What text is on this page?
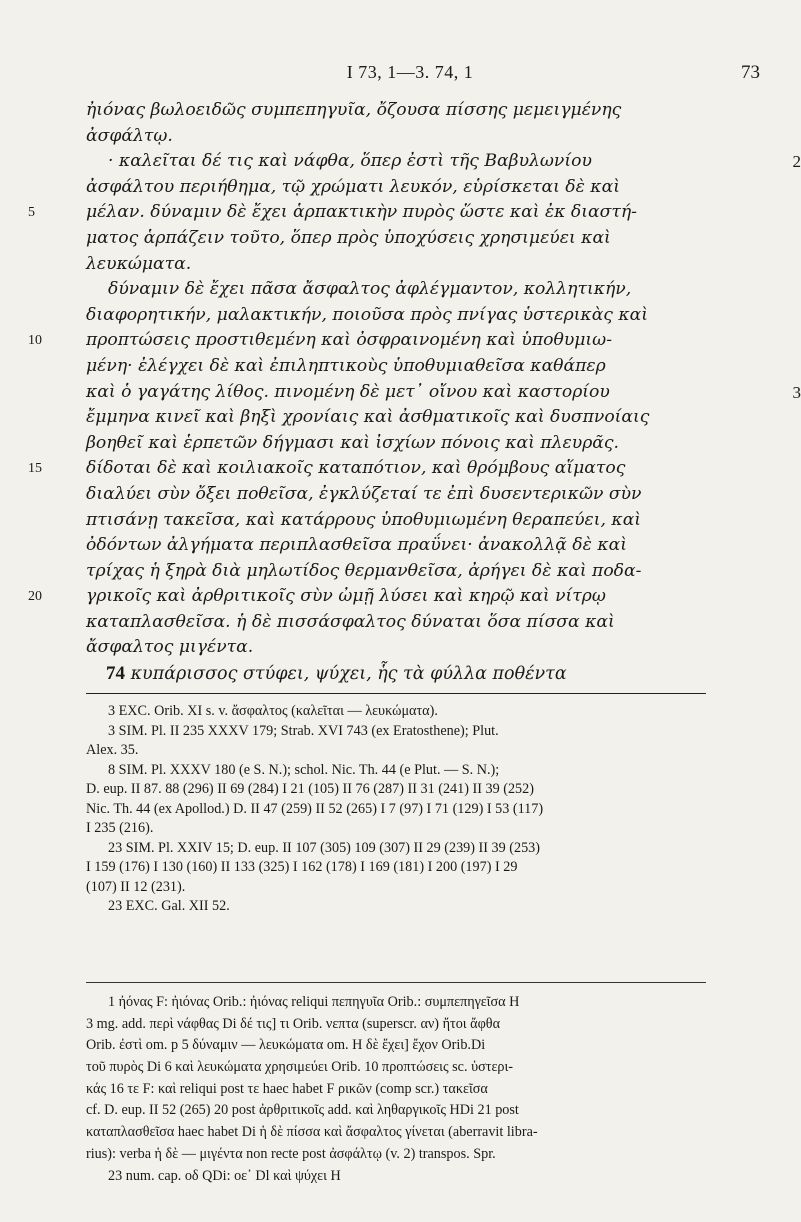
I 73, 1—3. 74, 1	73
ἠιόνας βωλοειδῶς συμπεπηγυῖα, ὄζουσα πίσσης μεμειγμένης
ἀσφάλτῳ.
2
· καλεῖται δέ τις καὶ νάφθα, ὅπερ ἐστὶ τῆς Βαβυλωνίου
ἀσφάλτου περιήθημα, τῷ χρώματι λευκόν, εὑρίσκεται δὲ καὶ
5	μέλαν. δύναμιν δὲ ἔχει ἁρπακτικὴν πυρὸς ὥστε καὶ ἐκ διαστή-
ματος ἁρπάζειν τοῦτο, ὅπερ πρὸς ὑποχύσεις χρησιμεύει καὶ
λευκώματα.
δύναμιν δὲ ἔχει πᾶσα ἄσφαλτος ἀφλέγμαντον, κολλητικήν,
διαφορητικήν, μαλακτικήν, ποιοῦσα πρὸς πνίγας ὑστερικὰς καὶ
10	προπτώσεις προστιθεμένη καὶ ὀσφραινομένη καὶ ὑποθυμιω-
μένη· ἐλέγχει δὲ καὶ ἐπιληπτικοὺς ὑποθυμιαθεῖσα καθάπερ
3
καὶ ὁ γαγάτης λίθος. πινομένη δὲ μετ᾽ οἴνου καὶ καστορίου
ἔμμηνα κινεῖ καὶ βηξὶ χρονίαις καὶ ἀσθματικοῖς καὶ δυσπνοίαις
βοηθεῖ καὶ ἑρπετῶν δήγμασι καὶ ἰσχίων πόνοις καὶ πλευρᾶς.
15	δίδοται δὲ καὶ κοιλιακοῖς καταπότιον, καὶ θρόμβους αἵματος
διαλύει σὺν ὄξει ποθεῖσα, ἐγκλύζεταί τε ἐπὶ δυσεντερικῶν σὺν
πτισάνῃ τακεῖσα, καὶ κατάρρους ὑποθυμιωμένη θεραπεύει, καὶ
ὀδόντων ἀλγήματα περιπλασθεῖσα πραΰνει· ἀνακολλᾷ δὲ καὶ
τρίχας ἡ ξηρὰ διὰ μηλωτίδος θερμανθεῖσα, ἀρήγει δὲ καὶ ποδα-
20	γρικοῖς καὶ ἀρθριτικοῖς σὺν ὠμῇ λύσει καὶ κηρῷ καὶ νίτρῳ
καταπλασθεῖσα. ἡ δὲ πισσάσφαλτος δύναται ὅσα πίσσα καὶ
ἄσφαλτος μιγέντα.
74 κυπάρισσος στύφει, ψύχει, ἧς τὰ φύλλα ποθέντα
3 EXC. Orib. XI s. v. ἄσφαλτος (καλεῖται — λευκώματα).
3 SIM. Pl. II 235 XXXV 179; Strab. XVI 743 (ex Eratosthene); Plut.
Alex. 35.
8 SIM. Pl. XXXV 180 (e S. N.); schol. Nic. Th. 44 (e Plut. — S. N.);
D. eup. II 87. 88 (296) II 69 (284) I 21 (105) II 76 (287) II 31 (241) II 39 (252)
Nic. Th. 44 (ex Apollod.) D. II 47 (259) II 52 (265) I 7 (97) I 71 (129) I 53 (117)
I 235 (216).
23 SIM. Pl. XXIV 15; D. eup. II 107 (305) 109 (307) II 29 (239) II 39 (253)
I 159 (176) I 130 (160) II 133 (325) I 162 (178) I 169 (181) I 200 (197) I 29
(107) II 12 (231).
23 EXC. Gal. XII 52.
1 ἠόνας F: ἠιόνας Orib.: ἠιόνας reliqui πεπηγυῖα Orib.: συμπεπηγεῖσα H
3 mg. add. περὶ νάφθας Di δέ τις] τι Orib. νεπτα (superscr. αν) ἤτοι ἄφθα
Orib. ἐστὶ om. p 5 δύναμιν — λευκώματα om. H δὲ ἔχει] ἔχον Orib.Di
τοῦ πυρὸς Di 6 καὶ λευκώματα χρησιμεύει Orib. 10 προπτώσεις sc. ὑστερι-
κάς 16 τε F: καὶ reliqui post τε haec habet F ρικῶν (comp scr.) τακεῖσα
cf. D. eup. II 52 (265) 20 post ἀρθριτικοῖς add. καὶ ληθαργικοῖς HDi 21 post
καταπλασθεῖσα haec habet Di ἡ δὲ πίσσα καὶ ἄσφαλτος γίνεται (aberravit libra-
rius): verba ἡ δὲ — μιγέντα non recte post ἀσφάλτῳ (v. 2) transpos. Spr.
23 num. cap. οδ QDi: οε᾽ Dl καὶ ψύχει H
